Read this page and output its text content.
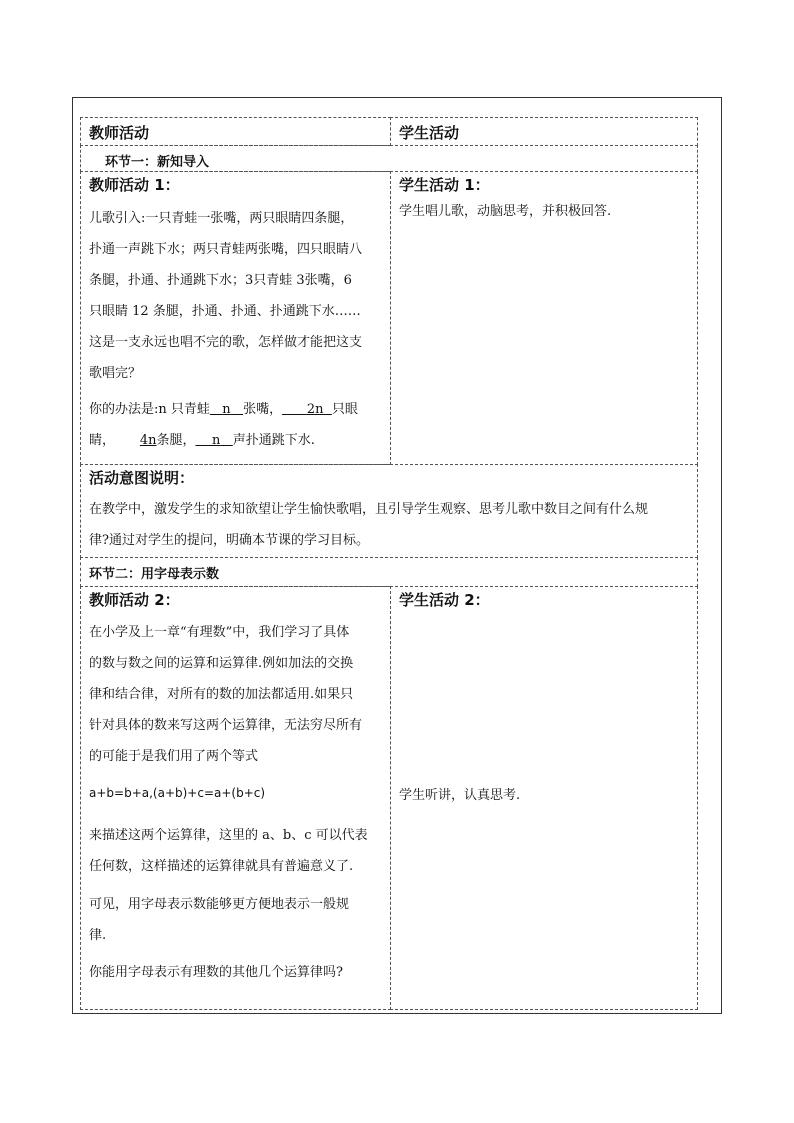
教师活动	学生活动
环节一：新知导入
教师活动 1：
儿歌引入:一只青蛙一张嘴，两只眼睛四条腿，
扑通一声跳下水；两只青蛙两张嘴，四只眼睛八
条腿，扑通、扑通跳下水；3只青蛙 3张嘴，6
只眼睛 12 条腿，扑通、扑通、扑通跳下水……
这是一支永远也唱不完的歌，怎样做才能把这支
歌唱完？
你的办法是:n 只青蛙 n 张嘴， 2n 只眼
睛， 4n条腿， n 声扑通跳下水.
学生活动 1：
学生唱儿歌，动脑思考，并积极回答.
活动意图说明：
在教学中，激发学生的求知欲望让学生愉快歌唱，且引导学生观察、思考儿歌中数目之间有什么规
律?通过对学生的提问，明确本节课的学习目标。
环节二：用字母表示数
教师活动 2：
在小学及上一章“有理数”中，我们学习了具体
的数与数之间的运算和运算律.例如加法的交换
律和结合律，对所有的数的加法都适用.如果只
针对具体的数来写这两个运算律，无法穷尽所有
的可能于是我们用了两个等式
a+b=b+a,(a+b)+c=a+(b+c)
来描述这两个运算律，这里的 a、b、c 可以代表
任何数，这样描述的运算律就具有普遍意义了.
可见，用字母表示数能够更方便地表示一般规
律.
你能用字母表示有理数的其他几个运算律吗?
学生活动 2：
学生听讲，认真思考.
